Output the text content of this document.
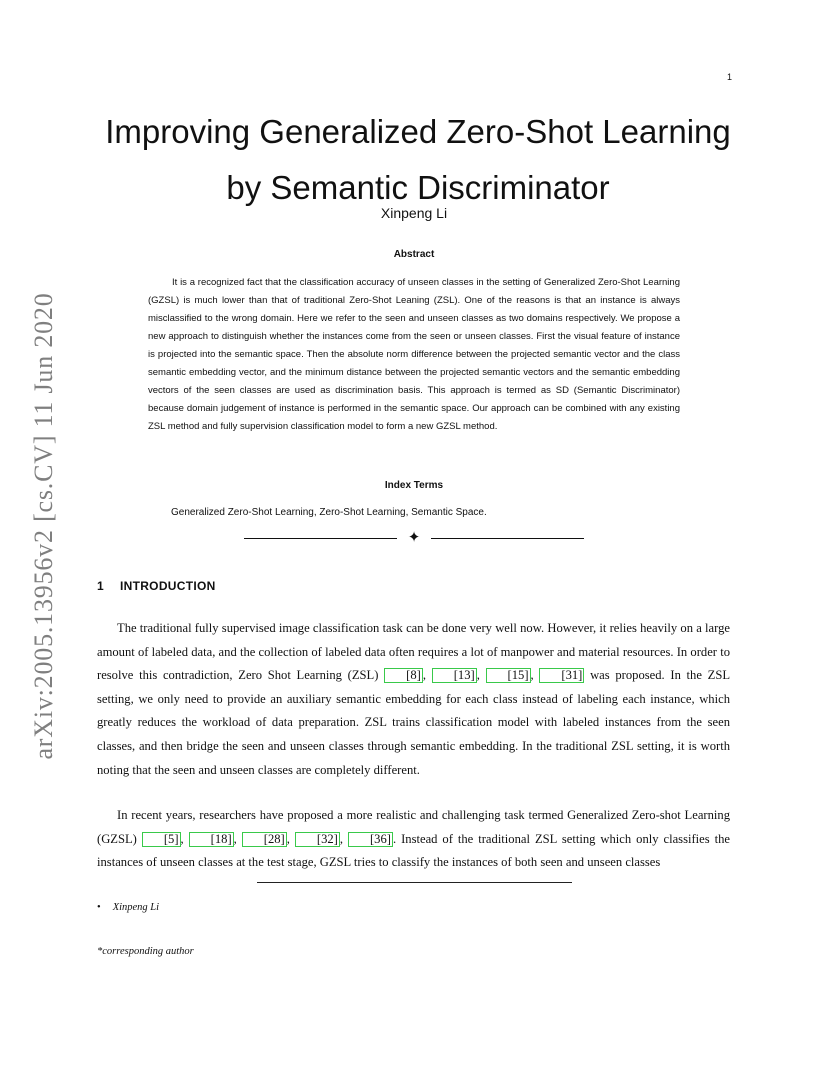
1
arXiv:2005.13956v2 [cs.CV] 11 Jun 2020
Improving Generalized Zero-Shot Learning
by Semantic Discriminator
Xinpeng Li
Abstract

It is a recognized fact that the classification accuracy of unseen classes in the setting of Generalized Zero-Shot Learning (GZSL) is much lower than that of traditional Zero-Shot Leaning (ZSL). One of the reasons is that an instance is always misclassified to the wrong domain. Here we refer to the seen and unseen classes as two domains respectively. We propose a new approach to distinguish whether the instances come from the seen or unseen classes. First the visual feature of instance is projected into the semantic space. Then the absolute norm difference between the projected semantic vector and the class semantic embedding vector, and the minimum distance between the projected semantic vectors and the semantic embedding vectors of the seen classes are used as discrimination basis. This approach is termed as SD (Semantic Discriminator) because domain judgement of instance is performed in the semantic space. Our approach can be combined with any existing ZSL method and fully supervision classification model to form a new GZSL method.

Index Terms
Generalized Zero-Shot Learning, Zero-Shot Learning, Semantic Space.
✦
1 INTRODUCTION

The traditional fully supervised image classification task can be done very well now. However, it relies heavily on a large amount of labeled data, and the collection of labeled data often requires a lot of manpower and material resources. In order to resolve this contradiction, Zero Shot Learning (ZSL) [8] , [13] , [15] , [31] was proposed. In the ZSL setting, we only need to provide an auxiliary semantic embedding for each class instead of labeling each instance, which greatly reduces the workload of data preparation. ZSL trains classification model with labeled instances from the seen classes, and then bridge the seen and unseen classes through semantic embedding. In the traditional ZSL setting, it is worth noting that the seen and unseen classes are completely different.

In recent years, researchers have proposed a more realistic and challenging task termed Generalized Zero-shot Learning (GZSL) [5] , [18] , [28] , [32] , [36] . Instead of the traditional ZSL setting which only classifies the instances of unseen classes at the test stage, GZSL tries to classify the instances of both seen and unseen classes

• Xinpeng Li
*corresponding author
